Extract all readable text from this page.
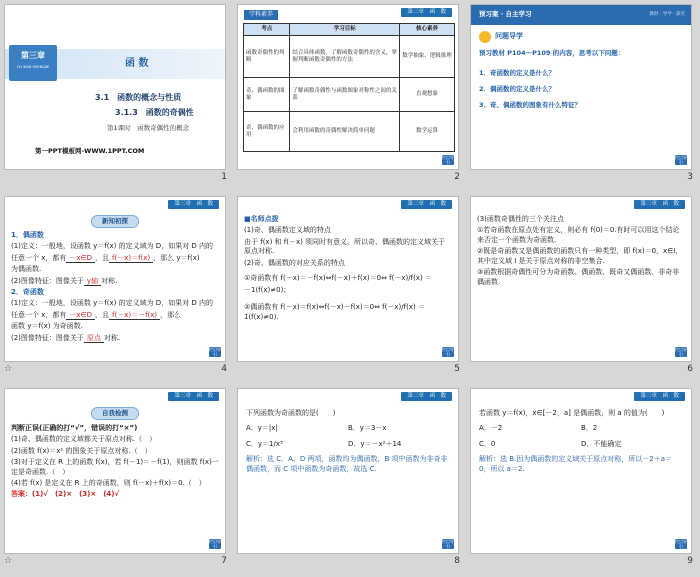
第三章
CH XIAN SHENGJIE	函 数
3.1　函数的概念与性质
3.1.3　函数的奇偶性
第1课时　函数奇偶性的概念
第一PPT模板网-WWW.1PPT.COM
1
第三章　函　数
学科素养
考点	学习目标	核心素养
函数奇偶性的判断	结合具体函数，了解函数奇偶性的含义，掌握判断函数奇偶性的方法	数学抽象、逻辑推理
奇、偶函数的图象	了解函数奇偶性与函数图象对称性之间的关系	直观想象
奇、偶函数的应用	会利用函数的奇偶性解决简单问题	数学运算
栏目导引
2
预习案 · 自主学习	教材 · 导学 · 探究
问题导学
预习教材 P104～P109 的内容，思考以下问题：
1．奇函数的定义是什么？
2．偶函数的定义是什么？
3．奇、偶函数的图象有什么特征？
栏目导引
3
第三章　函　数
新知初探
1．偶函数
(1)定义：一般地，设函数 y＝f(x) 的定义域为 D，如果对 D 内的
任意一个 x，都有 －x∈D ，且 f(－x)＝f(x) ，那么 y＝f(x)
为偶函数.
(2)图像特征：图像关于 y轴 对称.
2．奇函数
(1)定义：一般地，设函数 y＝f(x) 的定义域为 D，如果对 D 内的
任意一个 x，都有 －x∈D ，且 f(－x)＝－f(x) ，那么
函数 y＝f(x) 为奇函数.
(2)图像特征：图像关于 原点 对称.
栏目导引
☆	4
第三章　函　数
■名师点拨
(1)奇、偶函数定义域的特点
由于 f(x) 和 f(－x) 须同时有意义，所以奇、偶函数的定义域关于原点对称.
(2)奇、偶函数的对应关系的特点
①奇函数有 f(－x)＝－f(x)⇔f(－x)＋f(x)＝0⇔ f(－x)/f(x) ＝
－1(f(x)≠0)；
②偶函数有 f(－x)＝f(x)⇔f(－x)－f(x)＝0⇔ f(－x)/f(x) ＝1(f(x)≠0).
栏目导引
5
第三章　函　数
(3)函数奇偶性的三个关注点
①若奇函数在原点处有定义，则必有 f(0)＝0.有时可以用这个结论来否定一个函数为奇函数.
②既是奇函数又是偶函数的函数只有一种类型，即 f(x)＝0，x∈I，其中定义域 I 是关于原点对称的非空集合.
③函数根据奇偶性可分为奇函数、偶函数、既奇又偶函数、非奇非偶函数.
栏目导引
6
第三章　函　数
自我检测
判断正误(正确的打“√”，错误的打“×”)
(1)奇、偶函数的定义域都关于原点对称.（　）
(2)函数 f(x)＝x² 的图象关于原点对称.（　）
(3)对于定义在 R 上的函数 f(x)，若 f(－1)＝－f(1)，则函数 f(x)一定是奇函数.（　）
(4)若 f(x) 是定义在 R 上的奇函数，则 f(－x)＋f(x)＝0.（　）
答案：(1)√　(2)×　(3)×　(4)√
栏目导引
☆	7
第三章　函　数
下列函数为奇函数的是(　　)
A．y＝|x|	B．y＝3－x
C．y＝1/x³	D．y＝－x²＋14
解析：选 C．A、D 两项，函数均为偶函数，B 项中函数为非奇非偶函数，而 C 项中函数为奇函数，故选 C.
栏目导引
8
第三章　函　数
若函数 y＝f(x)，x∈[－2，a] 是偶函数，则 a 的值为(　　)
A．－2	B．2
C．0	D．不能确定
解析：选 B.因为偶函数的定义域关于原点对称，所以－2＋a＝0，所以 a＝2.
栏目导引
9
